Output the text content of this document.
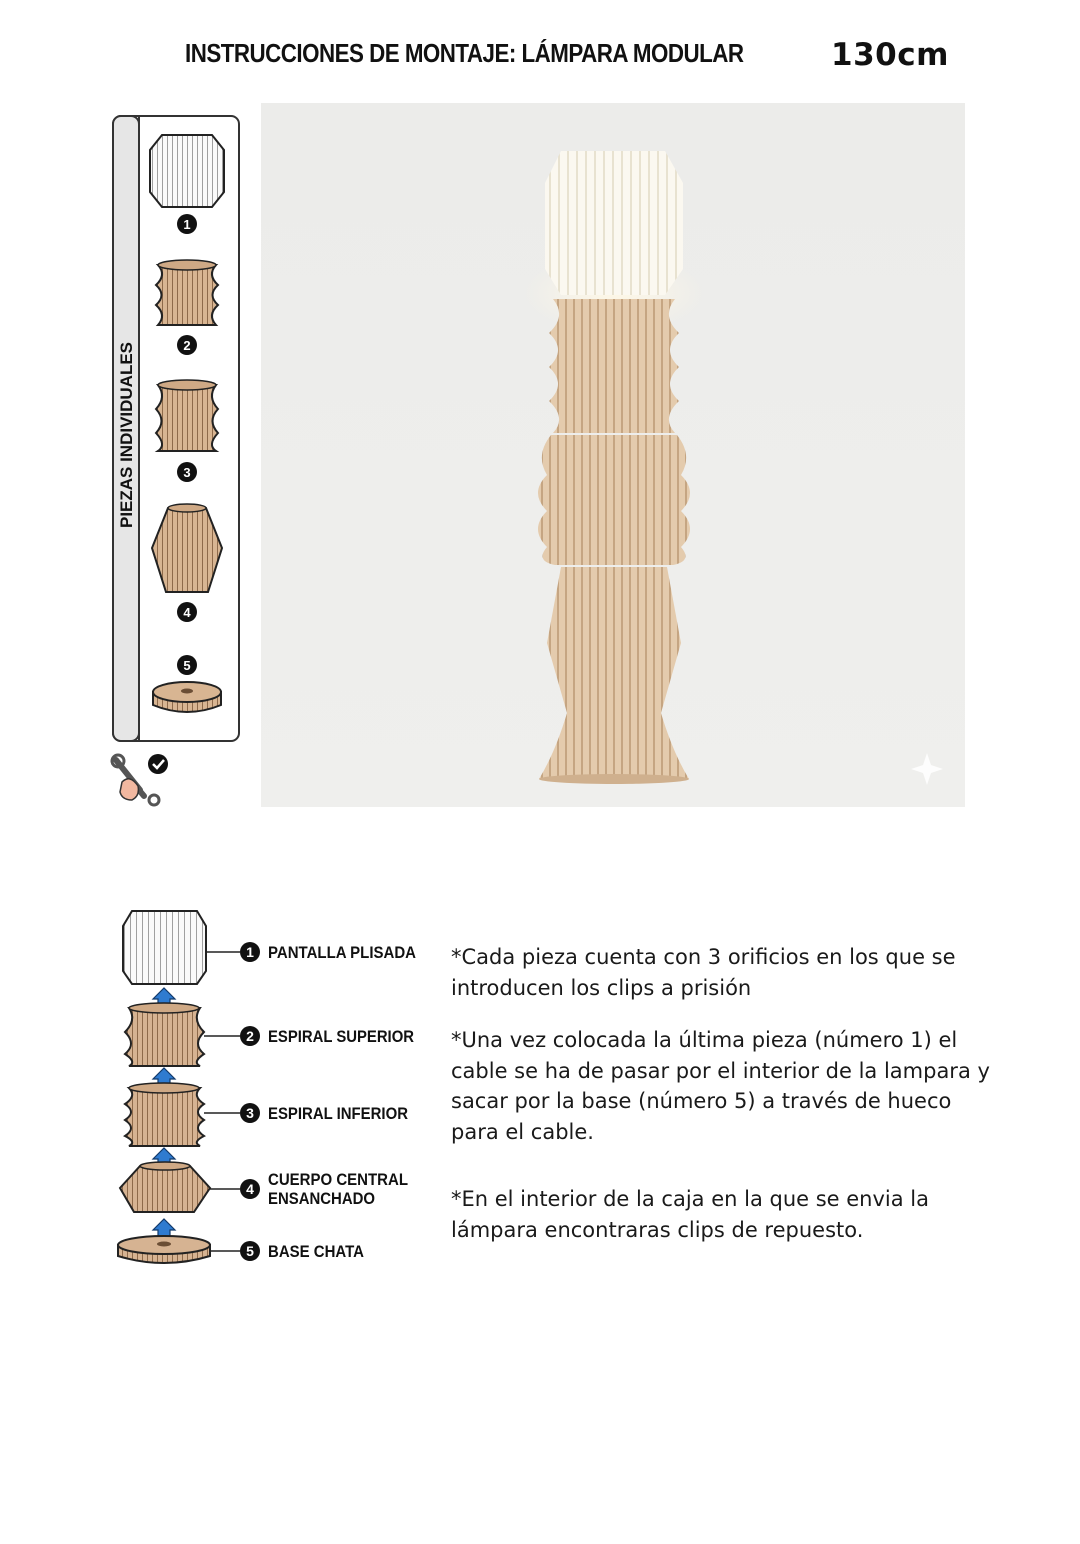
INSTRUCCIONES DE MONTAJE: LÁMPARA MODULAR	130cm
PIEZAS INDIVIDUALES
1
2
3
4
5
1 PANTALLA PLISADA
2 ESPIRAL SUPERIOR
3 ESPIRAL INFERIOR
4 CUERPO CENTRAL
ENSANCHADO
5 BASE CHATA

*Cada pieza cuenta con 3 orificios en los que se introducen los clips a prisión

*Una vez colocada la última pieza (número 1) el cable se ha de pasar por el interior de la lampara y sacar por la base (número 5) a través de hueco para el cable.

*En el interior de la caja en la que se envia la lámpara encontraras clips de repuesto.
